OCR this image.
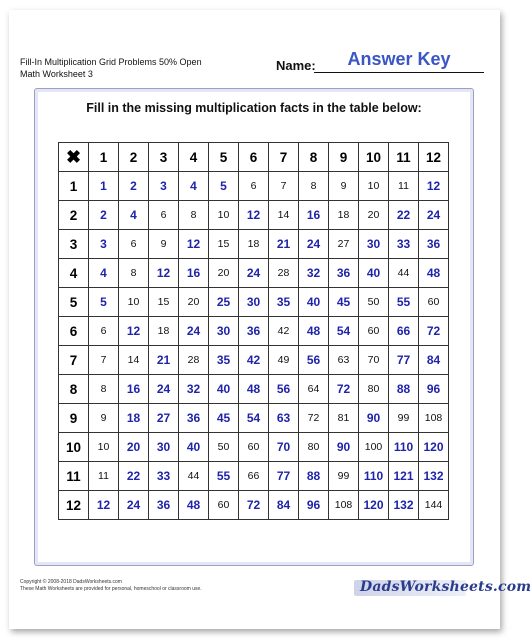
Fill-In Multiplication Grid Problems 50% Open
Math Worksheet 3
Name:	Answer Key
Fill in the missing multiplication facts in the table below:
✖	1	2	3	4	5	6	7	8	9	10	11	12
1	1	2	3	4	5	6	7	8	9	10	11	12
2	2	4	6	8	10	12	14	16	18	20	22	24
3	3	6	9	12	15	18	21	24	27	30	33	36
4	4	8	12	16	20	24	28	32	36	40	44	48
5	5	10	15	20	25	30	35	40	45	50	55	60
6	6	12	18	24	30	36	42	48	54	60	66	72
7	7	14	21	28	35	42	49	56	63	70	77	84
8	8	16	24	32	40	48	56	64	72	80	88	96
9	9	18	27	36	45	54	63	72	81	90	99	108
10	10	20	30	40	50	60	70	80	90	100	110	120
11	11	22	33	44	55	66	77	88	99	110	121	132
12	12	24	36	48	60	72	84	96	108	120	132	144
Copyright © 2008-2018 DadsWorksheets.com
These Math Worksheets are provided for personal, homeschool or classroom use.	DadsWorksheets.com
